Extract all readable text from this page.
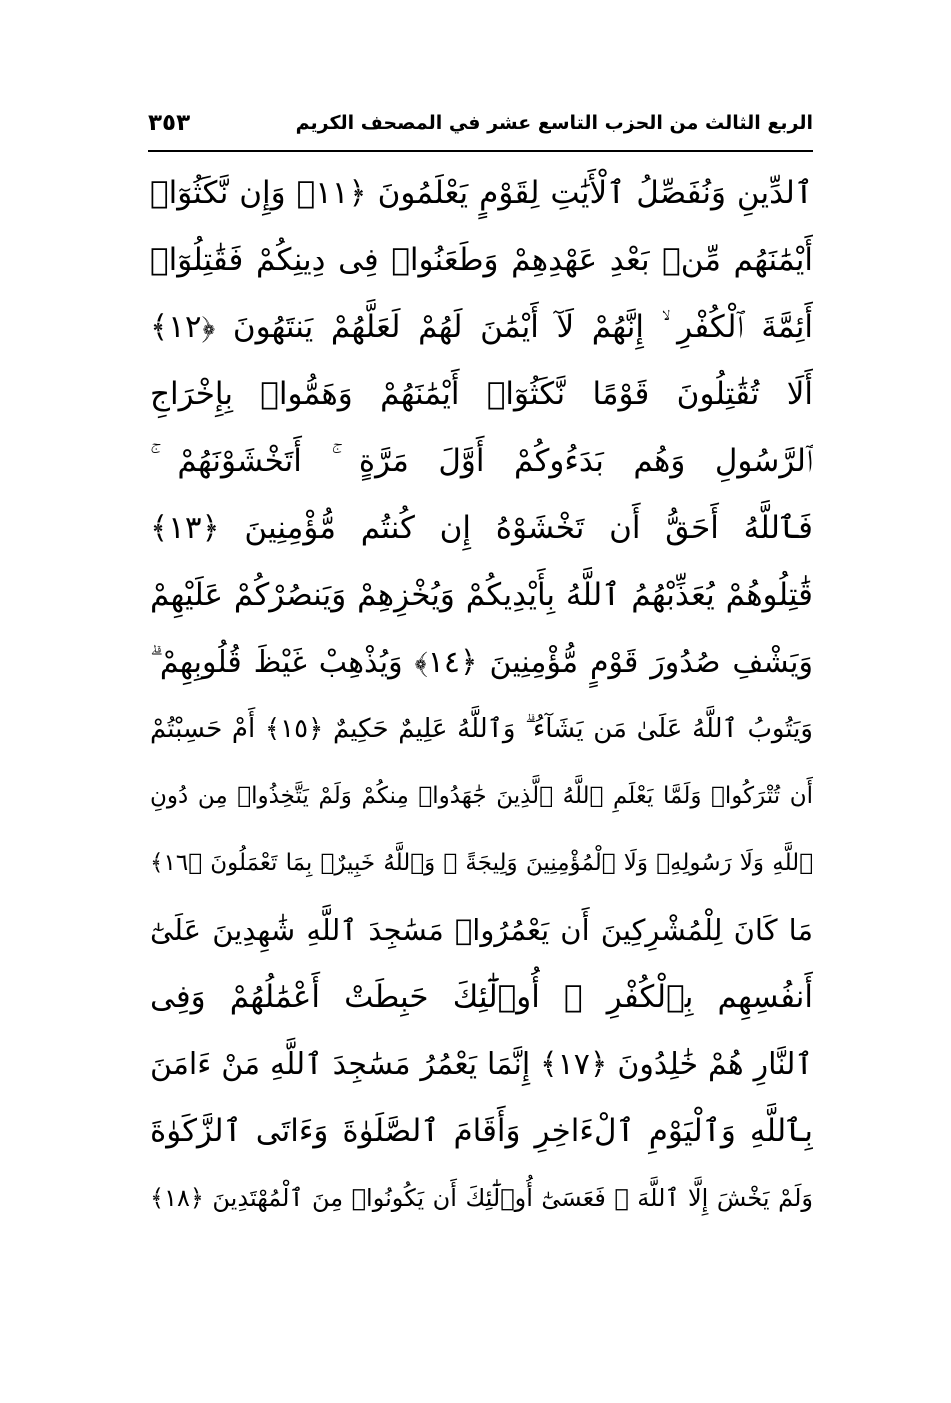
الربع الثالث من الحزب التاسع عشر في المصحف الكريم
٣٥٣
ٱلدِّينِ وَنُفَصِّلُ ٱلْأَيَٰتِ لِقَوْمٍ يَعْلَمُونَ ﴿١١﴾ وَإِن نَّكَثُوٓا۟
أَيْمَٰنَهُم مِّنۢ بَعْدِ عَهْدِهِمْ وَطَعَنُوا۟ فِى دِينِكُمْ فَقَٰتِلُوٓا۟
أَئِمَّةَ ٱلْكُفْرِ ۙ إِنَّهُمْ لَآ أَيْمَٰنَ لَهُمْ لَعَلَّهُمْ يَنتَهُونَ ﴿١٢﴾
أَلَا تُقَٰتِلُونَ قَوْمًا نَّكَثُوٓا۟ أَيْمَٰنَهُمْ وَهَمُّوا۟ بِإِخْرَاجِ
ٱلرَّسُولِ وَهُم بَدَءُوكُمْ أَوَّلَ مَرَّةٍ ۚ أَتَخْشَوْنَهُمْ ۚ
فَٱللَّهُ أَحَقُّ أَن تَخْشَوْهُ إِن كُنتُم مُّؤْمِنِينَ ﴿١٣﴾
قَٰتِلُوهُمْ يُعَذِّبْهُمُ ٱللَّهُ بِأَيْدِيكُمْ وَيُخْزِهِمْ وَيَنصُرْكُمْ عَلَيْهِمْ
وَيَشْفِ صُدُورَ قَوْمٍ مُّؤْمِنِينَ ﴿١٤﴾ وَيُذْهِبْ غَيْظَ قُلُوبِهِمْ ۗ
وَيَتُوبُ ٱللَّهُ عَلَىٰ مَن يَشَآءُ ۗ وَٱللَّهُ عَلِيمٌ حَكِيمٌ ﴿١٥﴾ أَمْ حَسِبْتُمْ
أَن تُتْرَكُوا۟ وَلَمَّا يَعْلَمِ ٱللَّهُ ٱلَّذِينَ جَٰهَدُوا۟ مِنكُمْ وَلَمْ يَتَّخِذُوا۟ مِن دُونِ
ٱللَّهِ وَلَا رَسُولِهِۦ وَلَا ٱلْمُؤْمِنِينَ وَلِيجَةً ۚ وَٱللَّهُ خَبِيرٌۢ بِمَا تَعْمَلُونَ ﴿١٦﴾
مَا كَانَ لِلْمُشْرِكِينَ أَن يَعْمُرُوا۟ مَسَٰجِدَ ٱللَّهِ شَٰهِدِينَ عَلَىٰٓ
أَنفُسِهِم بِٱلْكُفْرِ ۚ أُو۟لَٰٓئِكَ حَبِطَتْ أَعْمَٰلُهُمْ وَفِى
ٱلنَّارِ هُمْ خَٰلِدُونَ ﴿١٧﴾ إِنَّمَا يَعْمُرُ مَسَٰجِدَ ٱللَّهِ مَنْ ءَامَنَ
بِٱللَّهِ وَٱلْيَوْمِ ٱلْءَاخِرِ وَأَقَامَ ٱلصَّلَوٰةَ وَءَاتَى ٱلزَّكَوٰةَ
وَلَمْ يَخْشَ إِلَّا ٱللَّهَ ۖ فَعَسَىٰٓ أُو۟لَٰٓئِكَ أَن يَكُونُوا۟ مِنَ ٱلْمُهْتَدِينَ ﴿١٨﴾
